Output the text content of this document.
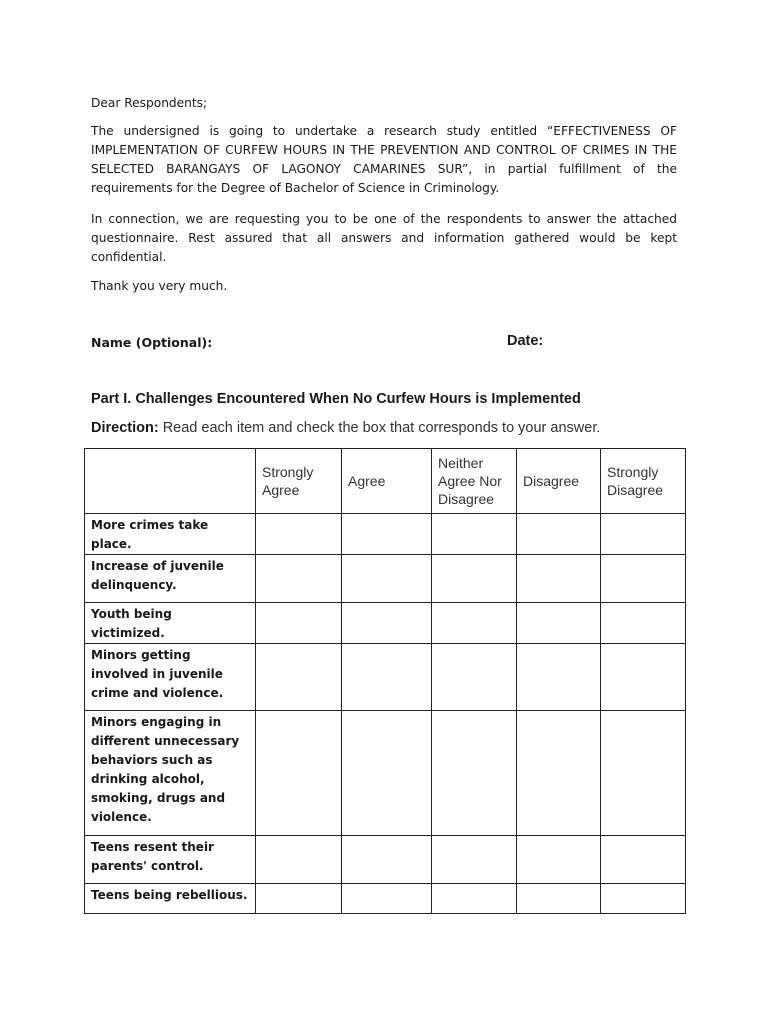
Dear Respondents;
The undersigned is going to undertake a research study entitled “EFFECTIVENESS OF IMPLEMENTATION OF CURFEW HOURS IN THE PREVENTION AND CONTROL OF CRIMES IN THE SELECTED BARANGAYS OF LAGONOY CAMARINES SUR”, in partial fulfillment of the requirements for the Degree of Bachelor of Science in Criminology.
In connection, we are requesting you to be one of the respondents to answer the attached questionnaire. Rest assured that all answers and information gathered would be kept confidential.
Thank you very much.
Name (Optional):	Date:
Part I. Challenges Encountered When No Curfew Hours is Implemented
Direction: Read each item and check the box that corresponds to your answer.
	Strongly Agree	Agree	Neither Agree Nor Disagree	Disagree	Strongly Disagree
More crimes take place.					
Increase of juvenile delinquency.					
Youth being victimized.					
Minors getting involved in juvenile crime and violence.					
Minors engaging in different unnecessary behaviors such as drinking alcohol, smoking, drugs and violence.					
Teens resent their parents' control.					
Teens being rebellious.					
